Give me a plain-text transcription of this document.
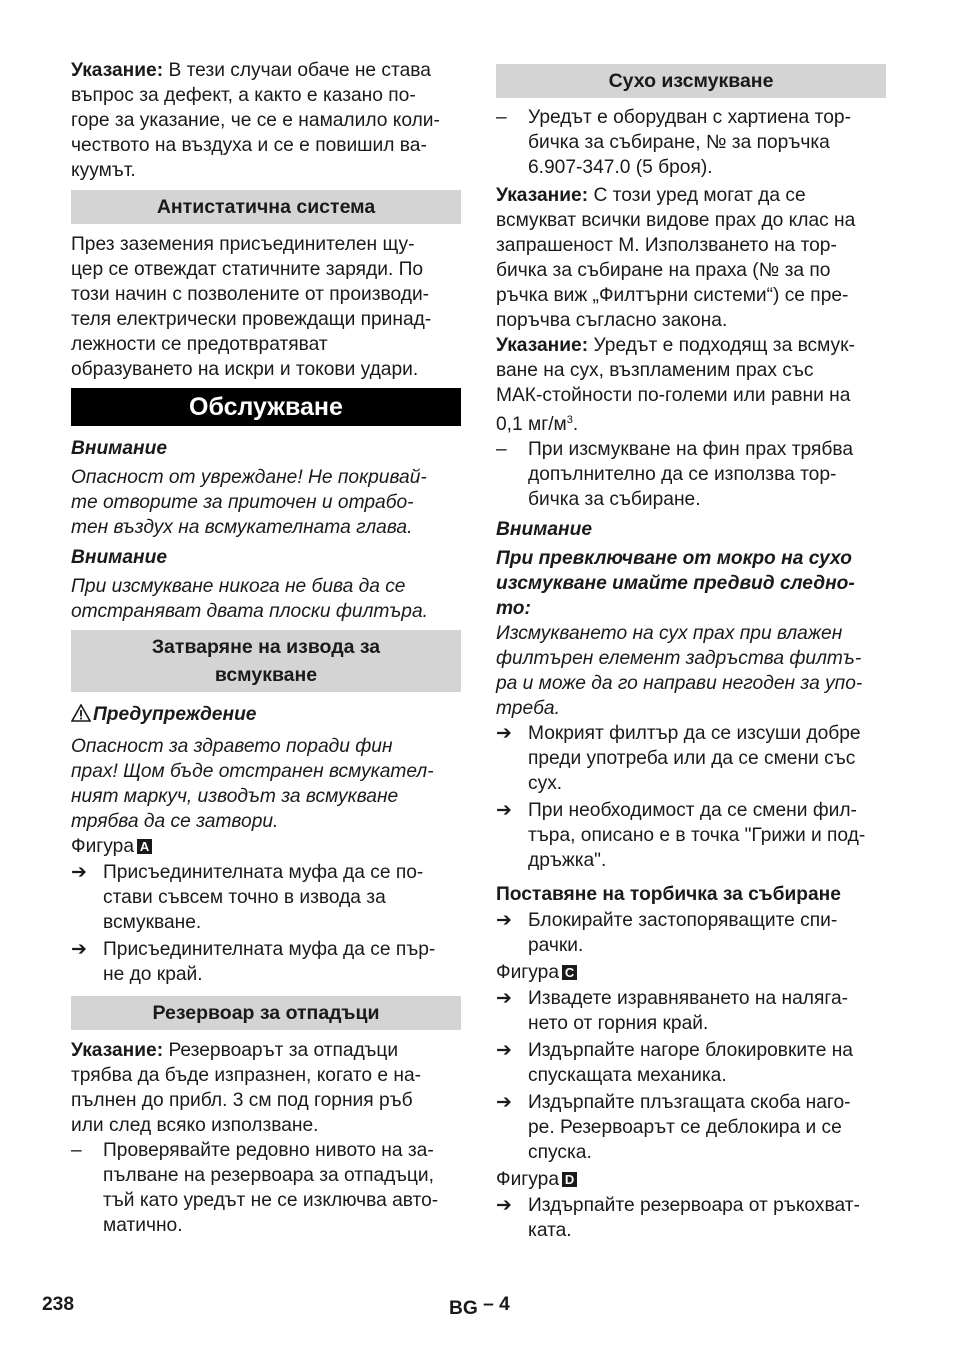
Указание: В тези случаи обаче не става
въпрос за дефект, а както е казано по-
горе за указание, че се е намалило коли-
чеството на въздуха и се е повишил ва-
куумът.

Антистатична система

През заземения присъединителен щу-
цер се отвеждат статичните заряди. По
този начин с позволените от производи-
теля електрически провеждащи принад-
лежности се предотвратяват
образуването на искри и токови удари.

Обслужване

Внимание

Опасност от увреждане! Не покривай-
те отворите за приточен и отрабо-
тен въздух на всмукателната глава.

Внимание

При изсмукване никога не бива да се
отстраняват двата плоски филтъра.

Затваряне на извода за
всмукване

Предупреждение

Опасност за здравето поради фин
прах! Щом бъде отстранен всмукател-
ният маркуч, изводът за всмукване
трябва да се затвори.

Фигура A

➔ Присъединителната муфа да се по-
стави съвсем точно в извода за
всмукване.
➔ Присъединителната муфа да се пър-
не до край.
Резервоар за отпадъци

Указание: Резервоарът за отпадъци
трябва да бъде изпразнен, когато е на-
пълнен до прибл. 3 см под горния ръб
или след всяко използване.

–	Проверявайте редовно нивото на за-
пълване на резервоара за отпадъци,
тъй като уредът не се изключва авто-
матично.
Сухо изсмукване
–	Уредът е оборудван с хартиена тор-
бичка за събиране, № за поръчка
6.907-347.0 (5 броя).

Указание: С този уред могат да се
всмукват всички видове прах до клас на
запрашеност М. Използването на тор-
бичка за събиране на праха (№ за по
ръчка виж „Филтърни системи“) се пре-
поръчва съгласно закона.

Указание: Уредът е подходящ за всмук-
ване на сух, възпламеним прах със
МАК-стойности по-големи или равни на
0,1 $мг/м^3$.

–	При изсмукване на фин прах трябва
допълнително да се използва тор-
бичка за събиране.

Внимание

При превключване от мокро на сухо
изсмукване имайте предвид следно-
то:

Изсмукването на сух прах при влажен
филтърен елемент задръства филтъ-
ра и може да го направи негоден за упо-
треба.

➔ Мокрият филтър да се изсуши добре
преди употреба или да се смени със
сух.
➔ При необходимост да се смени фил-
търа, описано е в точка "Грижи и под-
дръжка".

Поставяне на торбичка за събиране

➔ Блокирайте застопоряващите спи-
рачки.

Фигура C

➔ Извадете изравняването на наляга-
нето от горния край.
➔ Издърпайте нагоре блокировките на
спускащата механика.
➔ Издърпайте плъзгащата скоба наго-
ре. Резервоарът се деблокира и се
спуска.

Фигура D

➔ Издърпайте резервоара от ръкохват-
ката.
238	BG – 4
